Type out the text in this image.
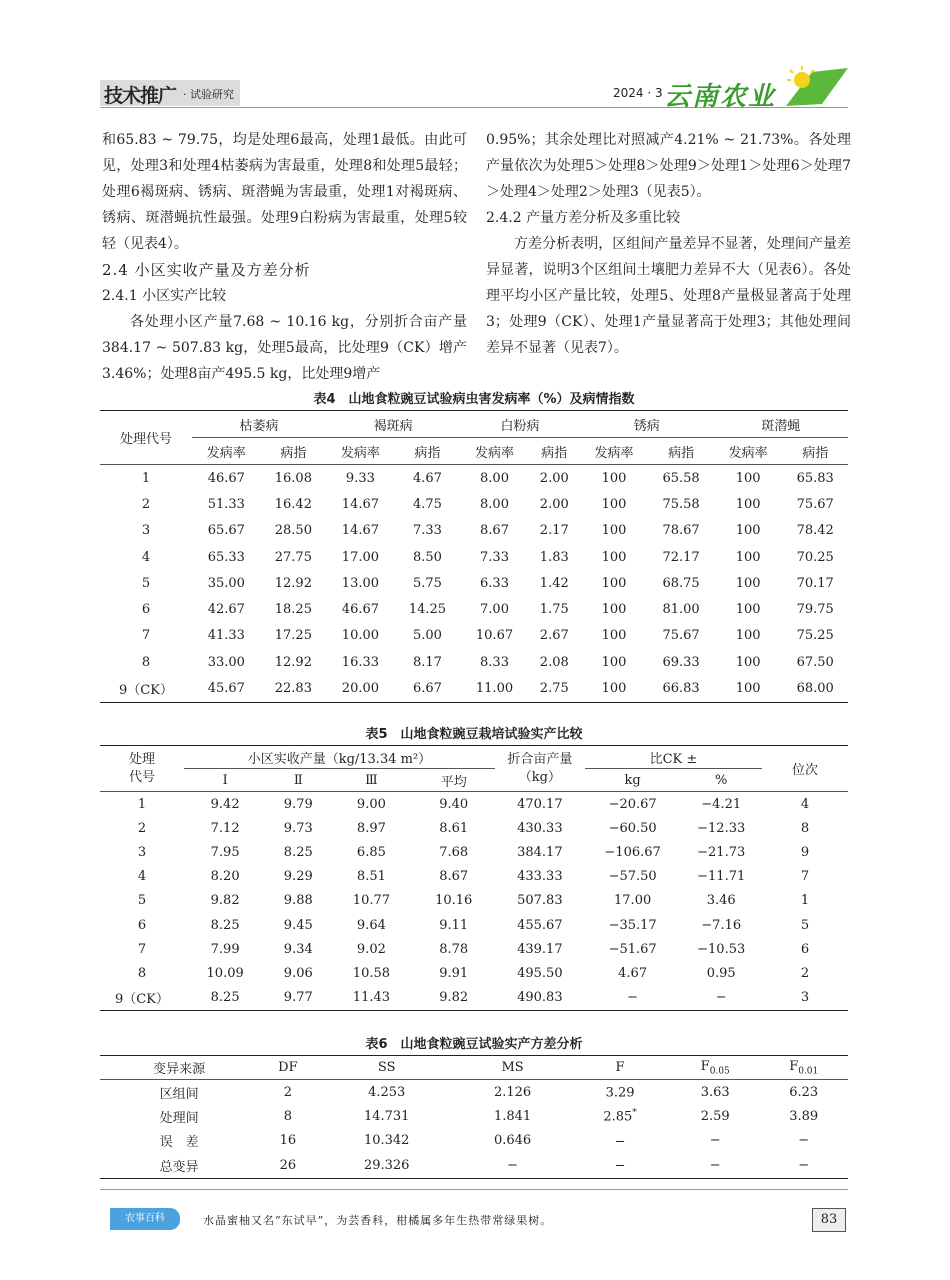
技术推广 · 试验研究	2024 · 3 云南农业

和65.83 ~ 79.75，均是处理6最高，处理1最低。由此可见，处理3和处理4枯萎病为害最重，处理8和处理5最轻；处理6褐斑病、锈病、斑潜蝇为害最重，处理1对褐斑病、锈病、斑潜蝇抗性最强。处理9白粉病为害最重，处理5较轻（见表4）。

2.4 小区实收产量及方差分析

2.4.1 小区实产比较

各处理小区产量7.68 ~ 10.16 kg，分别折合亩产量384.17 ~ 507.83 kg，处理5最高，比处理9（CK）增产3.46%；处理8亩产495.5 kg，比处理9增产

0.95%；其余处理比对照减产4.21% ~ 21.73%。各处理产量依次为处理5＞处理8＞处理9＞处理1＞处理6＞处理7＞处理4＞处理2＞处理3（见表5）。

2.4.2 产量方差分析及多重比较

方差分析表明，区组间产量差异不显著，处理间产量差异显著，说明3个区组间土壤肥力差异不大（见表6）。各处理平均小区产量比较，处理5、处理8产量极显著高于处理3；处理9（CK）、处理1产量显著高于处理3；其他处理间差异不显著（见表7）。

表4　山地食粒豌豆试验病虫害发病率（%）及病情指数
处理代号	枯萎病		褐斑病		白粉病		锈病		斑潜蝇	
	发病率	病指	发病率	病指	发病率	病指	发病率	病指	发病率	病指
1	46.67	16.08	9.33	4.67	8.00	2.00	100	65.58	100	65.83
2	51.33	16.42	14.67	4.75	8.00	2.00	100	75.58	100	75.67
3	65.67	28.50	14.67	7.33	8.67	2.17	100	78.67	100	78.42
4	65.33	27.75	17.00	8.50	7.33	1.83	100	72.17	100	70.25
5	35.00	12.92	13.00	5.75	6.33	1.42	100	68.75	100	70.17
6	42.67	18.25	46.67	14.25	7.00	1.75	100	81.00	100	79.75
7	41.33	17.25	10.00	5.00	10.67	2.67	100	75.67	100	75.25
8	33.00	12.92	16.33	8.17	8.33	2.08	100	69.33	100	67.50
9（CK）	45.67	22.83	20.00	6.67	11.00	2.75	100	66.83	100	68.00
表5　山地食粒豌豆栽培试验实产比较
处理
代号	小区实收产量（kg/13.34 m²）				折合亩产量
（kg）	比CK ±		位次
	Ⅰ	Ⅱ	Ⅲ	平均		kg	%	
1	9.42	9.79	9.00	9.40	470.17	−20.67	−4.21	4
2	7.12	9.73	8.97	8.61	430.33	−60.50	−12.33	8
3	7.95	8.25	6.85	7.68	384.17	−106.67	−21.73	9
4	8.20	9.29	8.51	8.67	433.33	−57.50	−11.71	7
5	9.82	9.88	10.77	10.16	507.83	17.00	3.46	1
6	8.25	9.45	9.64	9.11	455.67	−35.17	−7.16	5
7	7.99	9.34	9.02	8.78	439.17	−51.67	−10.53	6
8	10.09	9.06	10.58	9.91	495.50	4.67	0.95	2
9（CK）	8.25	9.77	11.43	9.82	490.83	−	−	3
表6　山地食粒豌豆试验实产方差分析
变异来源	DF	SS	MS	F	$F_{0.05}$	$F_{0.01}$
区组间	2	4.253	2.126	3.29	3.63	6.23
处理间	8	14.731	1.841	2.85*	2.59	3.89
误　差	16	10.342	0.646	−	−	−
总变异	26	29.326	−	−	−	−
农事百科	水晶蜜柚又名“东试早”，为芸香科，柑橘属多年生热带常绿果树。	83
